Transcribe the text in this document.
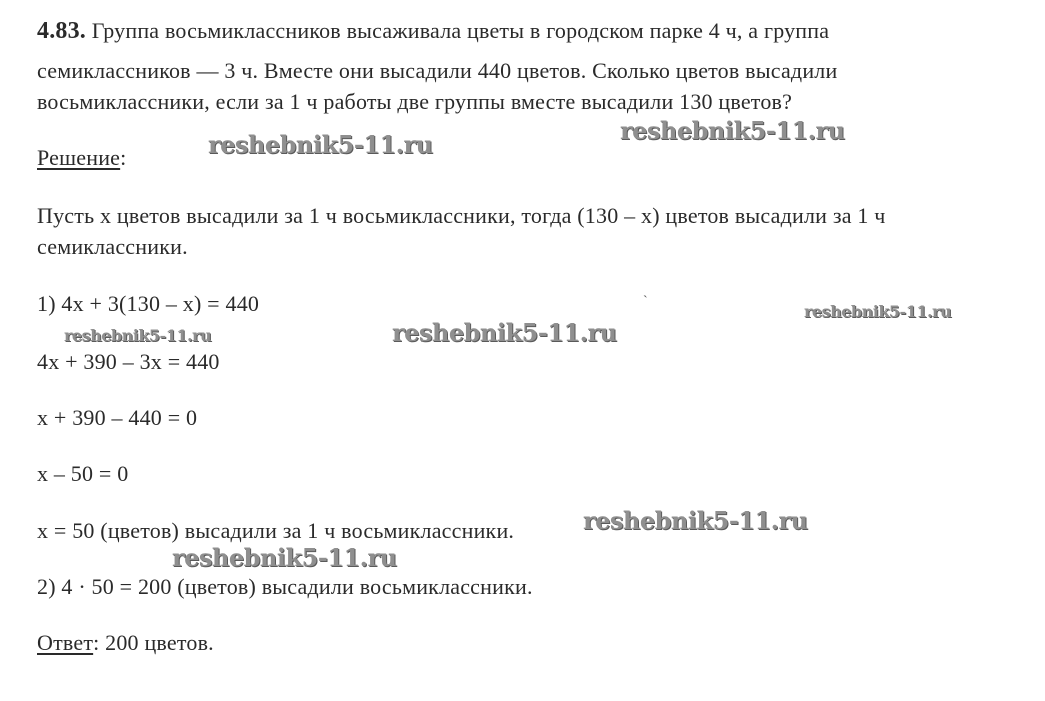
4.83. Группа восьмиклассников высаживала цветы в городском парке 4 ч, а группа
семиклассников — 3 ч. Вместе они высадили 440 цветов. Сколько цветов высадили
восьмиклассники, если за 1 ч работы две группы вместе высадили 130 цветов?
Решение:
Пусть x цветов высадили за 1 ч восьмиклассники, тогда (130 – x) цветов высадили за 1 ч
семиклассники.
1) 4x + 3(130 – x) = 440
4x + 390 – 3x = 440
x + 390 – 440 = 0
x – 50 = 0
x = 50 (цветов) высадили за 1 ч восьмиклассники.
2) 4 · 50 = 200 (цветов) высадили восьмиклассники.
Ответ: 200 цветов.
reshebnik5-11.ru	reshebnik5-11.ru
reshebnik5-11.ru
reshebnik5-11.ru	reshebnik5-11.ru
reshebnik5-11.ru
reshebnik5-11.ru
`
